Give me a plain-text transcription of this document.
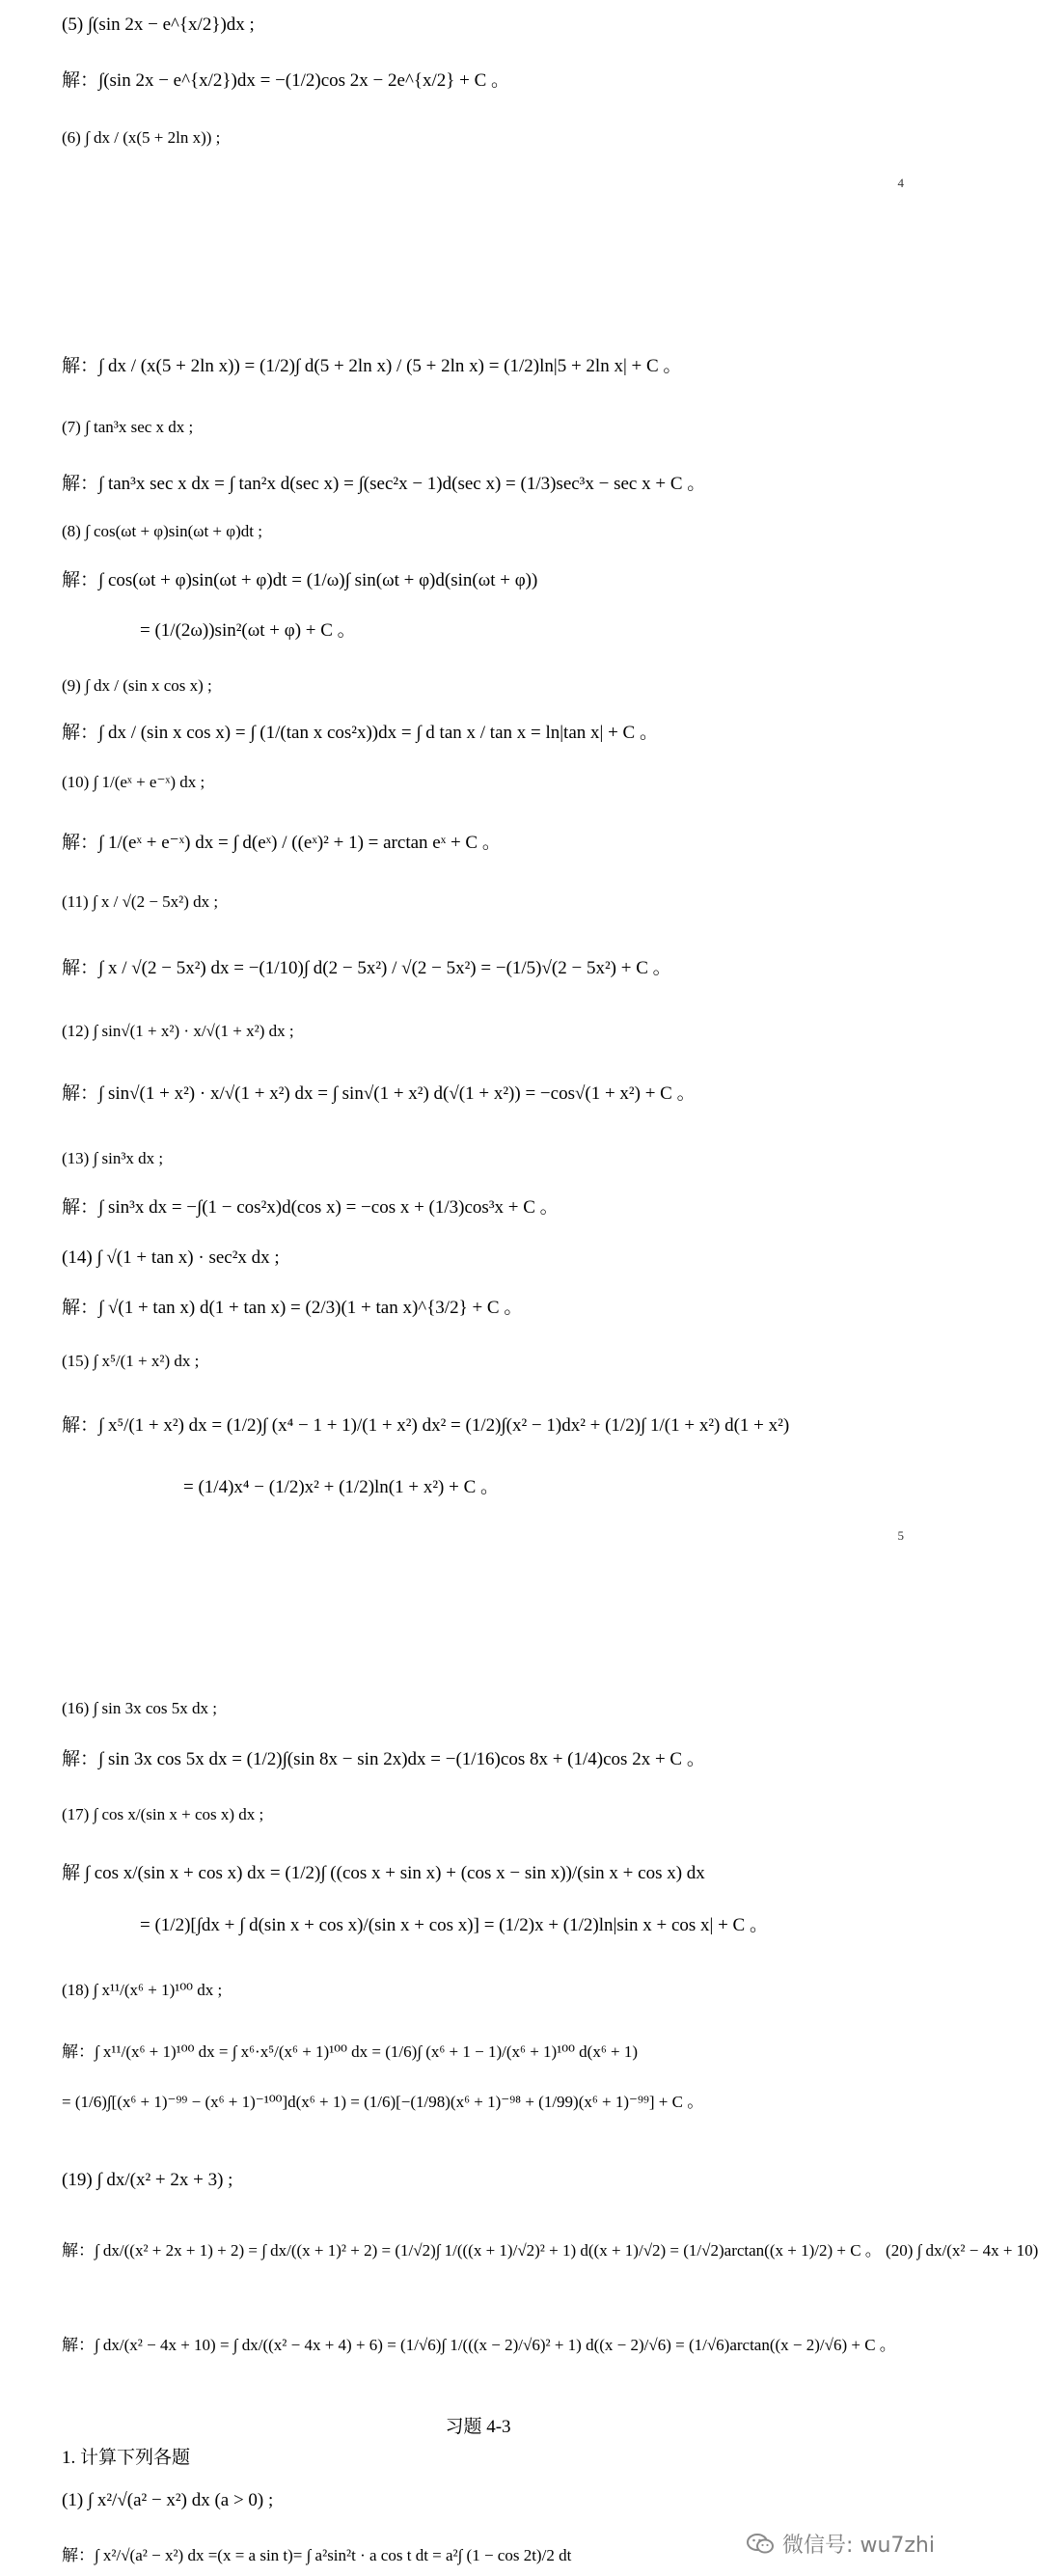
(5) ∫(sin 2x − e^{x/2})dx ;
解：∫(sin 2x − e^{x/2})dx = −(1/2)cos 2x − 2e^{x/2} + C 。
(6) ∫ dx / (x(5 + 2ln x)) ;
4
解：∫ dx / (x(5 + 2ln x)) = (1/2)∫ d(5 + 2ln x) / (5 + 2ln x) = (1/2)ln|5 + 2ln x| + C 。
(7) ∫ tan³x sec x dx ;
解：∫ tan³x sec x dx = ∫ tan²x d(sec x) = ∫(sec²x − 1)d(sec x) = (1/3)sec³x − sec x + C 。
(8) ∫ cos(ωt + φ)sin(ωt + φ)dt ;
解：∫ cos(ωt + φ)sin(ωt + φ)dt = (1/ω)∫ sin(ωt + φ)d(sin(ωt + φ))
= (1/(2ω))sin²(ωt + φ) + C 。
(9) ∫ dx / (sin x cos x) ;
解：∫ dx / (sin x cos x) = ∫ (1/(tan x cos²x))dx = ∫ d tan x / tan x = ln|tan x| + C 。
(10) ∫ 1/(eˣ + e⁻ˣ) dx ;
解：∫ 1/(eˣ + e⁻ˣ) dx = ∫ d(eˣ) / ((eˣ)² + 1) = arctan eˣ + C 。
(11) ∫ x / √(2 − 5x²) dx ;
解：∫ x / √(2 − 5x²) dx = −(1/10)∫ d(2 − 5x²) / √(2 − 5x²) = −(1/5)√(2 − 5x²) + C 。
(12) ∫ sin√(1 + x²) · x/√(1 + x²) dx ;
解：∫ sin√(1 + x²) · x/√(1 + x²) dx = ∫ sin√(1 + x²) d(√(1 + x²)) = −cos√(1 + x²) + C 。
(13) ∫ sin³x dx ;
解：∫ sin³x dx = −∫(1 − cos²x)d(cos x) = −cos x + (1/3)cos³x + C 。
(14) ∫ √(1 + tan x) · sec²x dx ;
解：∫ √(1 + tan x) d(1 + tan x) = (2/3)(1 + tan x)^{3/2} + C 。
(15) ∫ x⁵/(1 + x²) dx ;
解：∫ x⁵/(1 + x²) dx = (1/2)∫ (x⁴ − 1 + 1)/(1 + x²) dx² = (1/2)∫(x² − 1)dx² + (1/2)∫ 1/(1 + x²) d(1 + x²)
= (1/4)x⁴ − (1/2)x² + (1/2)ln(1 + x²) + C 。
5
(16) ∫ sin 3x cos 5x dx ;
解：∫ sin 3x cos 5x dx = (1/2)∫(sin 8x − sin 2x)dx = −(1/16)cos 8x + (1/4)cos 2x + C 。
(17) ∫ cos x/(sin x + cos x) dx ;
解 ∫ cos x/(sin x + cos x) dx = (1/2)∫ ((cos x + sin x) + (cos x − sin x))/(sin x + cos x) dx
= (1/2)[∫dx + ∫ d(sin x + cos x)/(sin x + cos x)] = (1/2)x + (1/2)ln|sin x + cos x| + C 。
(18) ∫ x¹¹/(x⁶ + 1)¹⁰⁰ dx ;
解：∫ x¹¹/(x⁶ + 1)¹⁰⁰ dx = ∫ x⁶·x⁵/(x⁶ + 1)¹⁰⁰ dx = (1/6)∫ (x⁶ + 1 − 1)/(x⁶ + 1)¹⁰⁰ d(x⁶ + 1)
= (1/6)∫[(x⁶ + 1)⁻⁹⁹ − (x⁶ + 1)⁻¹⁰⁰]d(x⁶ + 1) = (1/6)[−(1/98)(x⁶ + 1)⁻⁹⁸ + (1/99)(x⁶ + 1)⁻⁹⁹] + C 。
(19) ∫ dx/(x² + 2x + 3) ;
解：∫ dx/((x² + 2x + 1) + 2) = ∫ dx/((x + 1)² + 2) = (1/√2)∫ 1/(((x + 1)/√2)² + 1) d((x + 1)/√2) = (1/√2)arctan((x + 1)/2) + C 。 (20) ∫ dx/(x² − 4x + 10)
解：∫ dx/(x² − 4x + 10) = ∫ dx/((x² − 4x + 4) + 6) = (1/√6)∫ 1/(((x − 2)/√6)² + 1) d((x − 2)/√6) = (1/√6)arctan((x − 2)/√6) + C 。
习题 4-3
1. 计算下列各题
(1) ∫ x²/√(a² − x²) dx (a > 0) ;
解：∫ x²/√(a² − x²) dx =(x = a sin t)= ∫ a²sin²t · a cos t dt = a²∫ (1 − cos 2t)/2 dt	微信号: wu7zhi
